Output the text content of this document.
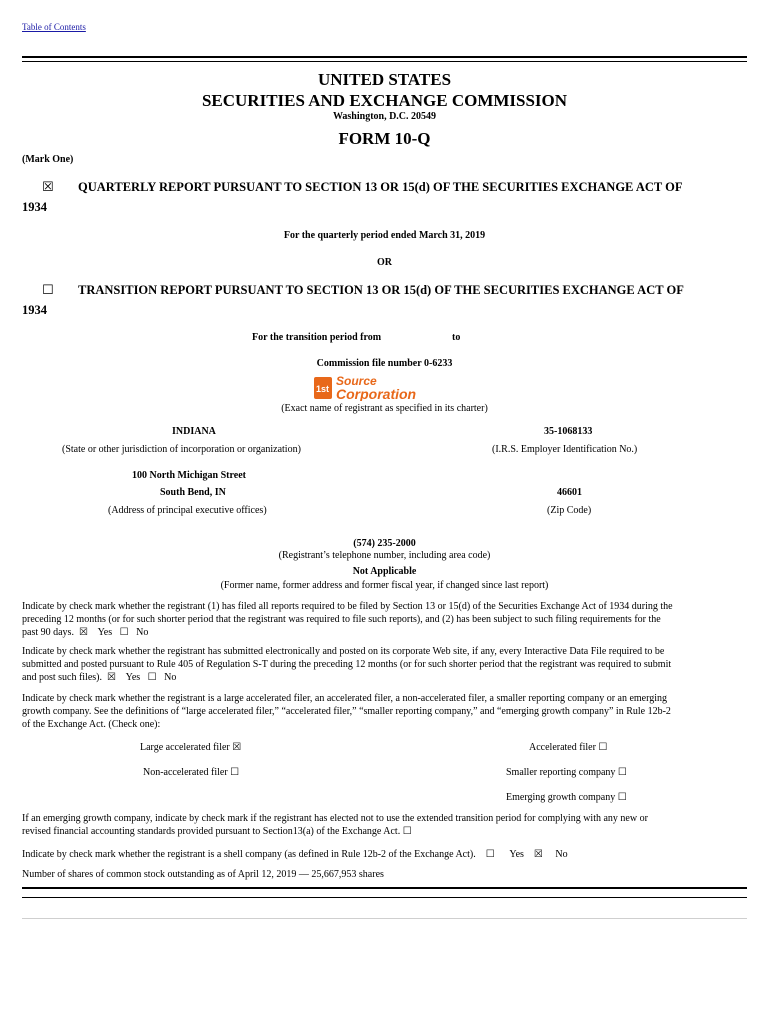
Table of Contents
UNITED STATES
SECURITIES AND EXCHANGE COMMISSION
Washington, D.C. 20549
FORM 10-Q
(Mark One)
☒ QUARTERLY REPORT PURSUANT TO SECTION 13 OR 15(d) OF THE SECURITIES EXCHANGE ACT OF
1934
For the quarterly period ended March 31, 2019
OR
☐ TRANSITION REPORT PURSUANT TO SECTION 13 OR 15(d) OF THE SECURITIES EXCHANGE ACT OF
1934
For the transition period from	to
Commission file number 0-6233
1st
Source
Corporation
(Exact name of registrant as specified in its charter)
INDIANA
(State or other jurisdiction of incorporation or organization)
35-1068133
(I.R.S. Employer Identification No.)
100 North Michigan Street
South Bend, IN
(Address of principal executive offices)
46601
(Zip Code)
(574) 235-2000
(Registrant’s telephone number, including area code)
Not Applicable
(Former name, former address and former fiscal year, if changed since last report)
Indicate by check mark whether the registrant (1) has filed all reports required to be filed by Section 13 or 15(d) of the Securities Exchange Act of 1934 during the
preceding 12 months (or for such shorter period that the registrant was required to file such reports), and (2) has been subject to such filing requirements for the
past 90 days. ☒ Yes ☐ No
Indicate by check mark whether the registrant has submitted electronically and posted on its corporate Web site, if any, every Interactive Data File required to be
submitted and posted pursuant to Rule 405 of Regulation S-T during the preceding 12 months (or for such shorter period that the registrant was required to submit
and post such files). ☒ Yes ☐ No
Indicate by check mark whether the registrant is a large accelerated filer, an accelerated filer, a non-accelerated filer, a smaller reporting company or an emerging
growth company. See the definitions of “large accelerated filer,” “accelerated filer,” “smaller reporting company,” and “emerging growth company” in Rule 12b-2
of the Exchange Act. (Check one):
Large accelerated filer ☒	Accelerated filer ☐
Non-accelerated filer ☐	Smaller reporting company ☐
Emerging growth company ☐
If an emerging growth company, indicate by check mark if the registrant has elected not to use the extended transition period for complying with any new or
revised financial accounting standards provided pursuant to Section13(a) of the Exchange Act. ☐
Indicate by check mark whether the registrant is a shell company (as defined in Rule 12b-2 of the Exchange Act). ☐ Yes ☒ No
Number of shares of common stock outstanding as of April 12, 2019 — 25,667,953 shares
